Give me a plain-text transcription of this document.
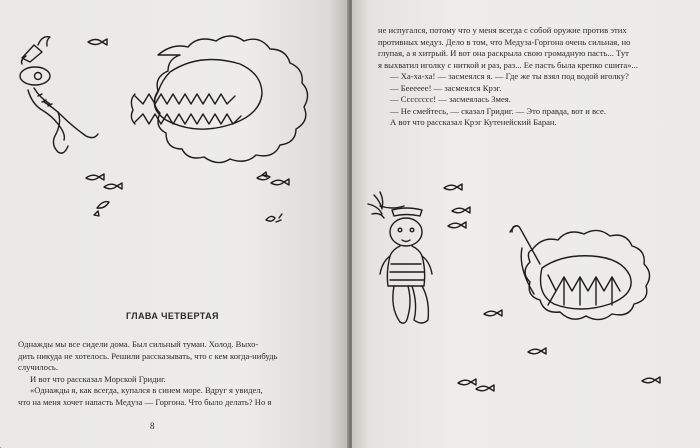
ГЛАВА ЧЕТВЕРТАЯ
Однажды мы все сидели дома. Был сильный туман. Холод. Выхо-
дить никуда не хотелось. Решили рассказывать, что с кем когда-нибудь
случилось.
И вот что рассказал Морской Гридиг.
«Однажды я, как всегда, купался в синем море. Вдруг я увидел,
что на меня хочет напасть Медуза — Горгона. Что было делать? Но я
8
не испугался, потому что у меня всегда с собой оружие против этих
противных медуз. Дело в том, что Медуза-Горгона очень сильная, но
глупая, а я хитрый. И вот она раскрыла свою громадную пасть... Тут
я выхватил иголку с ниткой и раз, раз... Ее пасть была крепко сшита»...
— Ха-ха-ха! — засмеялся я. — Где же ты взял под водой иголку?
— Бееееее! — засмеялся Крэг.
— Сссссссс! — засмеялась Змея.
— Не смейтесь, — сказал Гридиг. — Это правда, вот и все.
А вот что рассказал Крэг Кутенейский Баран.
